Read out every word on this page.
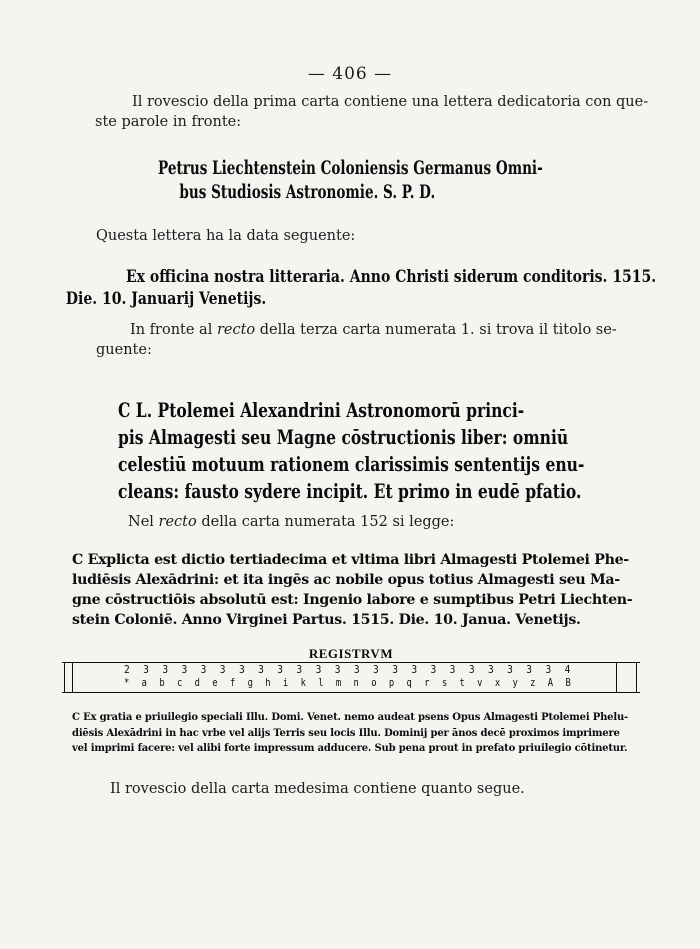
— 406 —
Il rovescio della prima carta contiene una lettera dedicatoria con que-
ste parole in fronte:
Petrus Liechtenstein Coloniensis Germanus Omni-
bus Studiosis Astronomie. S. P. D.
Questa lettera ha la data seguente:
Ex officina nostra litteraria. Anno Christi siderum conditoris. 1515.
Die. 10. Januarij Venetijs.
In fronte al recto della terza carta numerata 1. si trova il titolo se-
guente:
C L. Ptolemei Alexandrini Astronomorū princi-
pis Almagesti seu Magne cōstructionis liber: omniū
celestiū motuum rationem clarissimis sententijs enu-
cleans: fausto sydere incipit. Et primo in eudē pfatio.
Nel recto della carta numerata 152 si legge:
C Explicta est dictio tertiadecima et vltima libri Almagesti Ptolemei Phe-
ludiēsis Alexādrini: et ita ingēs ac nobile opus totius Almagesti seu Ma-
gne cōstructiōis absolutū est: Ingenio labore e sumptibus Petri Liechten-
stein Coloniē. Anno Virginei Partus. 1515. Die. 10. Janua. Venetijs.
REGISTRVM
2 3 3 3 3 3 3 3 3 3 3 3 3 3 3 3 3 3 3 3 3 3 3 4
* a b c d e f g h i k l m n o p q r s t v x y z A B
C Ex gratia e priuilegio speciali Illu. Domi. Venet. nemo audeat psens Opus Almagesti Ptolemei Phelu-
diēsis Alexādrini in hac vrbe vel alijs Terris seu locis Illu. Dominij per ānos decē proximos imprimere
vel imprimi facere: vel alibi forte impressum adducere. Sub pena prout in prefato priuilegio cōtinetur.
Il rovescio della carta medesima contiene quanto segue.
